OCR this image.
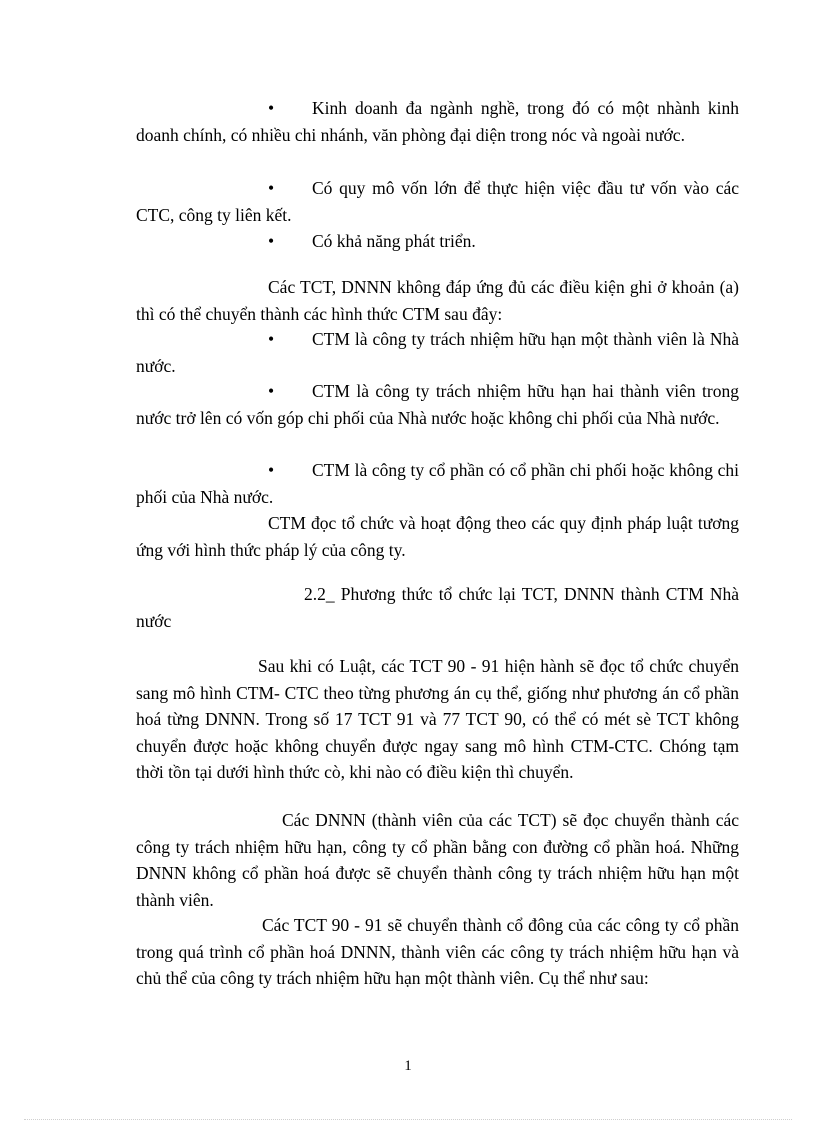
• Kinh doanh đa ngành nghề, trong đó có một nhành kinh doanh chính, có nhiều chi nhánh, văn phòng đại diện trong nóc và ngoài nước.

• Có quy mô vốn lớn để thực hiện việc đầu tư vốn vào các CTC, công ty liên kết.

• Có khả năng phát triển.

Các TCT, DNNN không đáp ứng đủ các điều kiện ghi ở khoản (a) thì có thể chuyển thành các hình thức CTM sau đây:

• CTM là công ty trách nhiệm hữu hạn một thành viên là Nhà nước.

• CTM là công ty trách nhiệm hữu hạn hai thành viên trong nước trở lên có vốn góp chi phối của Nhà nước hoặc không chi phối của Nhà nước.

• CTM là công ty cổ phần có cổ phần chi phối hoặc không chi phối của Nhà nước.

CTM đọc tổ chức và hoạt động theo các quy định pháp luật tương ứng với hình thức pháp lý của công ty.

2.2_ Phương thức tổ chức lại TCT, DNNN thành CTM Nhà nước

Sau khi có Luật, các TCT 90 - 91 hiện hành sẽ đọc tổ chức chuyển sang mô hình CTM- CTC theo từng phương án cụ thể, giống như phương án cổ phần hoá từng DNNN. Trong số 17 TCT 91 và 77 TCT 90, có thể có mét sè TCT không chuyển được hoặc không chuyển được ngay sang mô hình CTM-CTC. Chóng tạm thời tồn tại dưới hình thức cò, khi nào có điều kiện thì chuyển.

Các DNNN (thành viên của các TCT) sẽ đọc chuyển thành các công ty trách nhiệm hữu hạn, công ty cổ phần bằng con đường cổ phần hoá. Những DNNN không cổ phần hoá được sẽ chuyển thành công ty trách nhiệm hữu hạn một thành viên.

Các TCT 90 - 91 sẽ chuyển thành cổ đông của các công ty cổ phần trong quá trình cổ phần hoá DNNN, thành viên các công ty trách nhiệm hữu hạn và chủ thể của công ty trách nhiệm hữu hạn một thành viên. Cụ thể như sau:

1
